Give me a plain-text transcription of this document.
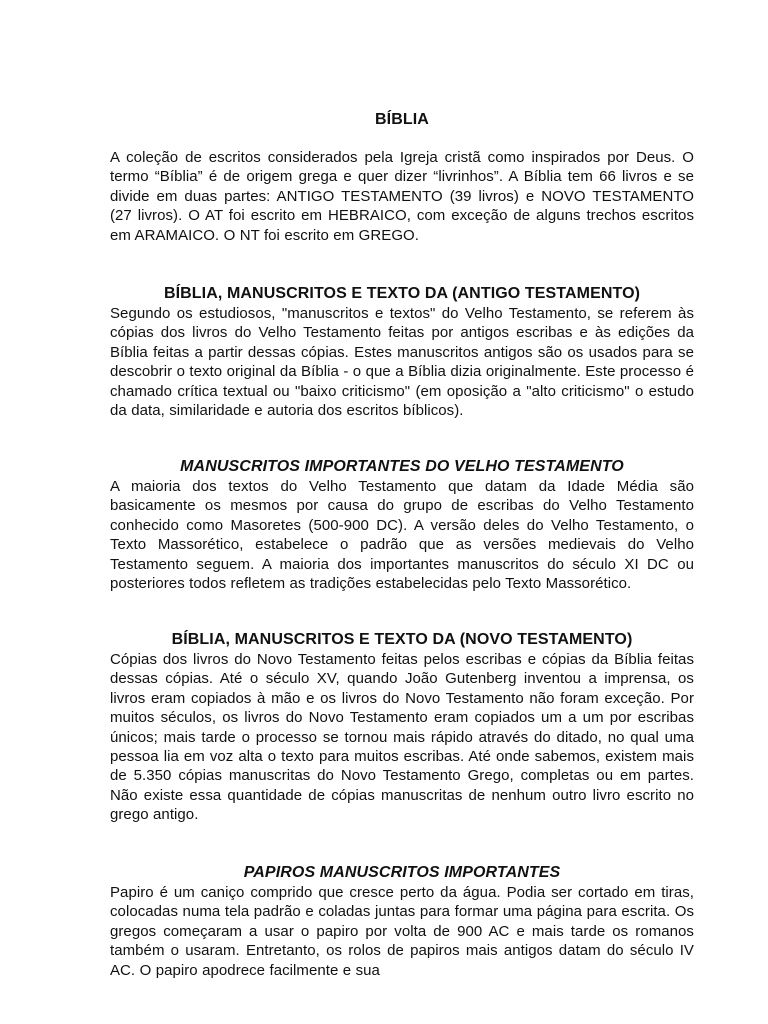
BÍBLIA

A coleção de escritos considerados pela Igreja cristã como inspirados por Deus. O termo “Bíblia” é de origem grega e quer dizer “livrinhos”. A Bíblia tem 66 livros e se divide em duas partes: ANTIGO TESTAMENTO (39 livros) e NOVO TESTAMENTO (27 livros). O AT foi escrito em HEBRAICO, com exceção de alguns trechos escritos em ARAMAICO. O NT foi escrito em GREGO.

BÍBLIA, MANUSCRITOS E TEXTO DA (ANTIGO TESTAMENTO)

Segundo os estudiosos, "manuscritos e textos" do Velho Testamento, se referem às cópias dos livros do Velho Testamento feitas por antigos escribas e às edições da Bíblia feitas a partir dessas cópias. Estes manuscritos antigos são os usados para se descobrir o texto original da Bíblia - o que a Bíblia dizia originalmente. Este processo é chamado crítica textual ou "baixo criticismo" (em oposição a "alto criticismo" o estudo da data, similaridade e autoria dos escritos bíblicos).

MANUSCRITOS IMPORTANTES DO VELHO TESTAMENTO

A maioria dos textos do Velho Testamento que datam da Idade Média são basicamente os mesmos por causa do grupo de escribas do Velho Testamento conhecido como Masoretes (500-900 DC). A versão deles do Velho Testamento, o Texto Massorético, estabelece o padrão que as versões medievais do Velho Testamento seguem. A maioria dos importantes manuscritos do século XI DC ou posteriores todos refletem as tradições estabelecidas pelo Texto Massorético.

BÍBLIA, MANUSCRITOS E TEXTO DA (NOVO TESTAMENTO)

Cópias dos livros do Novo Testamento feitas pelos escribas e cópias da Bíblia feitas dessas cópias. Até o século XV, quando João Gutenberg inventou a imprensa, os livros eram copiados à mão e os livros do Novo Testamento não foram exceção. Por muitos séculos, os livros do Novo Testamento eram copiados um a um por escribas únicos; mais tarde o processo se tornou mais rápido através do ditado, no qual uma pessoa lia em voz alta o texto para muitos escribas. Até onde sabemos, existem mais de 5.350 cópias manuscritas do Novo Testamento Grego, completas ou em partes. Não existe essa quantidade de cópias manuscritas de nenhum outro livro escrito no grego antigo.

PAPIROS MANUSCRITOS IMPORTANTES

Papiro é um caniço comprido que cresce perto da água. Podia ser cortado em tiras, colocadas numa tela padrão e coladas juntas para formar uma página para escrita. Os gregos começaram a usar o papiro por volta de 900 AC e mais tarde os romanos também o usaram. Entretanto, os rolos de papiros mais antigos datam do século IV AC. O papiro apodrece facilmente e sua
